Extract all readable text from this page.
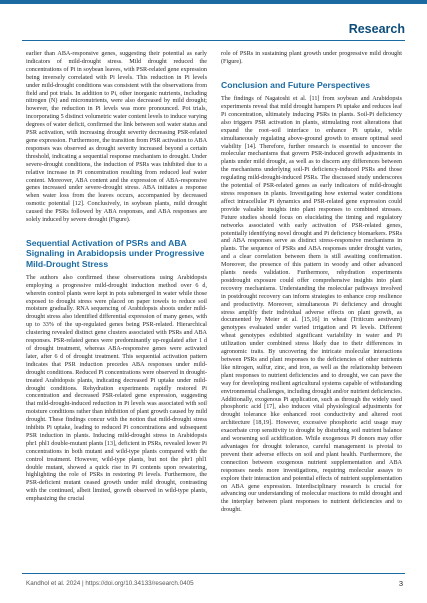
Research

earlier than ABA-responsive genes, suggesting their potential as early indicators of mild-drought stress. Mild drought reduced the concentrations of Pi in soybean leaves, with PSR-related gene expression being inversely correlated with Pi levels. This reduction in Pi levels under mild-drought conditions was consistent with the observations from field and pot trials. In addition to Pi, other inorganic nutrients, including nitrogen (N) and micronutrients, were also decreased by mild drought; however, the reduction in Pi levels was more pronounced. Pot trials, incorporating 5 distinct volumetric water content levels to induce varying degrees of water deficit, confirmed the link between soil water status and PSR activation, with increasing drought severity decreasing PSR-related gene expression. Furthermore, the transition from PSR activation to ABA responses was observed as drought severity increased beyond a certain threshold, indicating a sequential response mechanism to drought. Under severe-drought conditions, the induction of PSRs was inhibited due to a relative increase in Pi concentration resulting from reduced leaf water content. Moreover, ABA content and the expression of ABA-responsive genes increased under severe-drought stress. ABA initiates a response when water loss from the leaves occurs, accompanied by decreased osmotic potential [12]. Conclusively, in soybean plants, mild drought caused the PSRs followed by ABA responses, and ABA responses are solely induced by severe drought (Figure).

Sequential Activation of PSRs and ABA Signaling in Arabidopsis under Progressive Mild-Drought Stress

The authors also confirmed these observations using Arabidopsis employing a progressive mild-drought induction method over 6 d, wherein control plants were kept in pots submerged in water while those exposed to drought stress were placed on paper towels to reduce soil moisture gradually. RNA sequencing of Arabidopsis shoots under mild-drought stress also identified differential expression of many genes, with up to 33% of the up-regulated genes being PSR-related. Hierarchical clustering revealed distinct gene clusters associated with PSRs and ABA responses. PSR-related genes were predominantly up-regulated after 1 d of drought treatment, whereas ABA-responsive genes were activated later, after 6 d of drought treatment. This sequential activation pattern indicates that PSR induction precedes ABA responses under mild-drought conditions. Reduced Pi concentrations were observed in drought-treated Arabidopsis plants, indicating decreased Pi uptake under mild-drought conditions. Rehydration experiments rapidly restored Pi concentration and decreased PSR-related gene expression, suggesting that mild-drought-induced reduction in Pi levels was associated with soil moisture conditions rather than inhibition of plant growth caused by mild drought. These findings concur with the notion that mild-drought stress inhibits Pi uptake, leading to reduced Pi concentrations and subsequent PSR induction in plants. Inducing mild-drought stress in Arabidopsis phr1 phl1 double-mutant plants [13], deficient in PSRs, revealed lower Pi concentrations in both mutant and wild-type plants compared with the control treatment. However, wild-type plants, but not the phr1 phl1 double mutant, showed a quick rise in Pi contents upon rewatering, highlighting the role of PSRs in restoring Pi levels. Furthermore, the PSR-deficient mutant ceased growth under mild drought, contrasting with the continued, albeit limited, growth observed in wild-type plants, emphasizing the crucial

role of PSRs in sustaining plant growth under progressive mild drought (Figure).

Conclusion and Future Perspectives

The findings of Nagatoshi et al. [11] from soybean and Arabidopsis experiments reveal that mild drought hampers Pi uptake and reduces leaf Pi concentration, ultimately inducing PSRs in plants. Soil-Pi deficiency also triggers PSR activation in plants, stimulating root alterations that expand the root–soil interface to enhance Pi uptake, while simultaneously regulating above-ground growth to ensure optimal seed viability [14]. Therefore, further research is essential to uncover the molecular mechanisms that govern PSR-induced growth adjustments in plants under mild drought, as well as to discern any differences between the mechanisms underlying soil-Pi deficiency-induced PSRs and those regulating mild-drought-induced PSRs. The discussed study underscores the potential of PSR-related genes as early indicators of mild-drought stress responses in plants. Investigating how external water conditions affect intracellular Pi dynamics and PSR-related gene expression could provide valuable insights into plant responses to combined stresses. Future studies should focus on elucidating the timing and regulatory networks associated with early activation of PSR-related genes, potentially identifying novel drought and Pi deficiency biomarkers. PSRs and ABA responses serve as distinct stress-responsive mechanisms in plants. The sequence of PSRs and ABA responses under drought varies, and a clear correlation between them is still awaiting confirmation. Moreover, the presence of this pattern in woody and other advanced plants needs validation. Furthermore, rehydration experiments postdrought exposure could offer comprehensive insights into plant recovery mechanisms. Understanding the molecular pathways involved in postdrought recovery can inform strategies to enhance crop resilience and productivity. Moreover, simultaneous Pi deficiency and drought stress amplify their individual adverse effects on plant growth, as documented by Meier et al. [15,16] in wheat (Triticum aestivum) genotypes evaluated under varied irrigation and Pi levels. Different wheat genotypes exhibited significant variability in water and Pi utilization under combined stress likely due to their differences in agronomic traits. By uncovering the intricate molecular interactions between PSRs and plant responses to the deficiencies of other nutrients like nitrogen, sulfur, zinc, and iron, as well as the relationship between plant responses to nutrient deficiencies and to drought, we can pave the way for developing resilient agricultural systems capable of withstanding environmental challenges, including drought and/or nutrient deficiencies. Additionally, exogenous Pi application, such as through the widely used phosphoric acid [17], also induces vital physiological adjustments for drought tolerance like enhanced root conductivity and altered root architecture [18,19]. However, excessive phosphoric acid usage may exacerbate crop sensitivity to drought by disturbing soil nutrient balance and worsening soil acidification. While exogenous Pi donors may offer advantages for drought tolerance, careful management is pivotal to prevent their adverse effects on soil and plant health. Furthermore, the connection between exogenous nutrient supplementation and ABA responses needs more investigations, requiring molecular assays to explore their interaction and potential effects of nutrient supplementation on ABA gene expression. Interdisciplinary research is crucial for advancing our understanding of molecular reactions to mild drought and the interplay between plant responses to nutrient deficiencies and to drought.

Kandhol et al. 2024 | https://doi.org/10.34133/research.0405	3
